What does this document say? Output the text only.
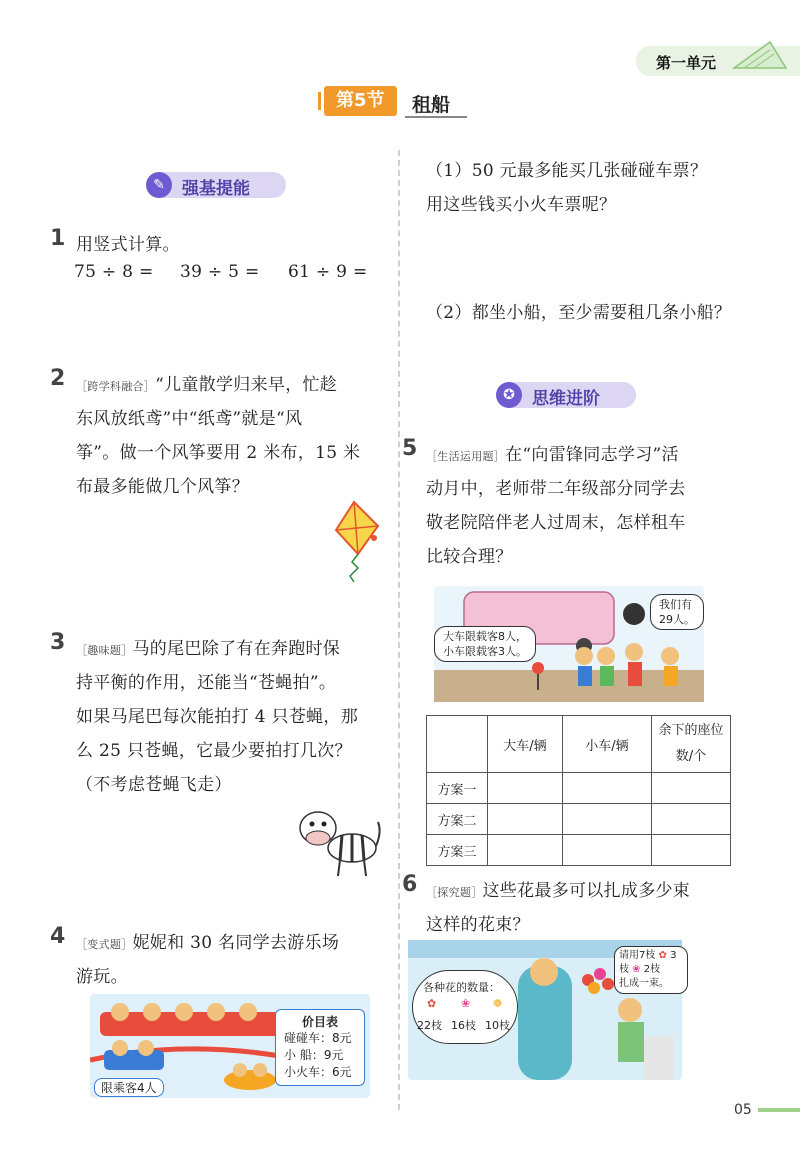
第一单元
第5节	租船
✎	强基提能
1 用竖式计算。
75 ÷ 8 = 39 ÷ 5 = 61 ÷ 9 =
2 ［跨学科融合］“儿童散学归来早，忙趁
东风放纸鸢”中“纸鸢”就是“风
筝”。做一个风筝要用 2 米布，15 米
布最多能做几个风筝？
3 ［趣味题］马的尾巴除了有在奔跑时保
持平衡的作用，还能当“苍蝇拍”。
如果马尾巴每次能拍打 4 只苍蝇，那
么 25 只苍蝇，它最少要拍打几次？
（不考虑苍蝇飞走）
4 ［变式题］妮妮和 30 名同学去游乐场
游玩。
限乘客4人
价目表
碰碰车：8元
小 船：9元
小火车：6元
（1）50 元最多能买几张碰碰车票？
用这些钱买小火车票呢？
（2）都坐小船，至少需要租几条小船？
✪	思维进阶
5 ［生活运用题］在“向雷锋同志学习”活
动月中，老师带二年级部分同学去
敬老院陪伴老人过周末，怎样租车
比较合理？
大车限载客8人，
小车限载客3人。
我们有
29人。
	大车/辆	小车/辆	余下的座位数/个
方案一			
方案二			
方案三			
6 ［探究题］这些花最多可以扎成多少束
这样的花束？
各种花的数量：
22枝 16枝 10枝
✿ ❀ ❁
请用7枝 ✿ 3
枝 ❀ 2枝
扎成一束。
05
